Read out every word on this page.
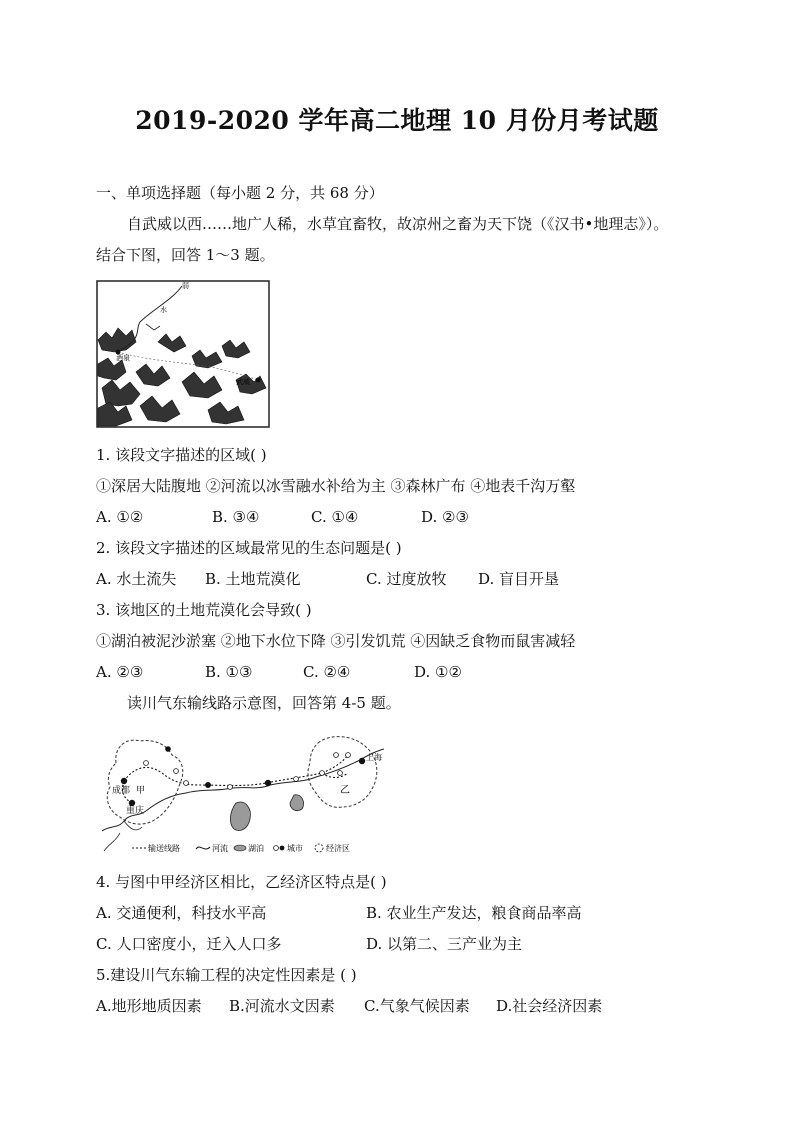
2019-2020 学年高二地理 10 月份月考试题
一、单项选择题（每小题 2 分，共 68 分）
自武威以西……地广人稀，水草宜畜牧，故凉州之畜为天下饶（《汉书•地理志》）。
结合下图，回答 1～3 题。
弱
水
酒泉
武威
1. 该段文字描述的区域( )
①深居大陆腹地 ②河流以冰雪融水补给为主 ③森林广布 ④地表千沟万壑
A. ①②	B. ③④	C. ①④	D. ②③
2. 该段文字描述的区域最常见的生态问题是( )
A. 水土流失 B. 土地荒漠化	C. 过度放牧 D. 盲目开垦
3. 该地区的土地荒漠化会导致( )
①湖泊被泥沙淤塞 ②地下水位下降 ③引发饥荒 ④因缺乏食物而鼠害减轻
A. ②③	B. ①③	C. ②④	D. ①②
读川气东输线路示意图，回答第 4-5 题。
成都 甲
重庆
上海
乙
输送线路	河流	湖泊	城市	经济区
4. 与图中甲经济区相比，乙经济区特点是( )
A. 交通便利，科技水平高	B. 农业生产发达，粮食商品率高
C. 人口密度小，迁入人口多	D. 以第二、三产业为主
5.建设川气东输工程的决定性因素是 ( )
A.地形地质因素 B.河流水文因素 C.气象气候因素 D.社会经济因素
